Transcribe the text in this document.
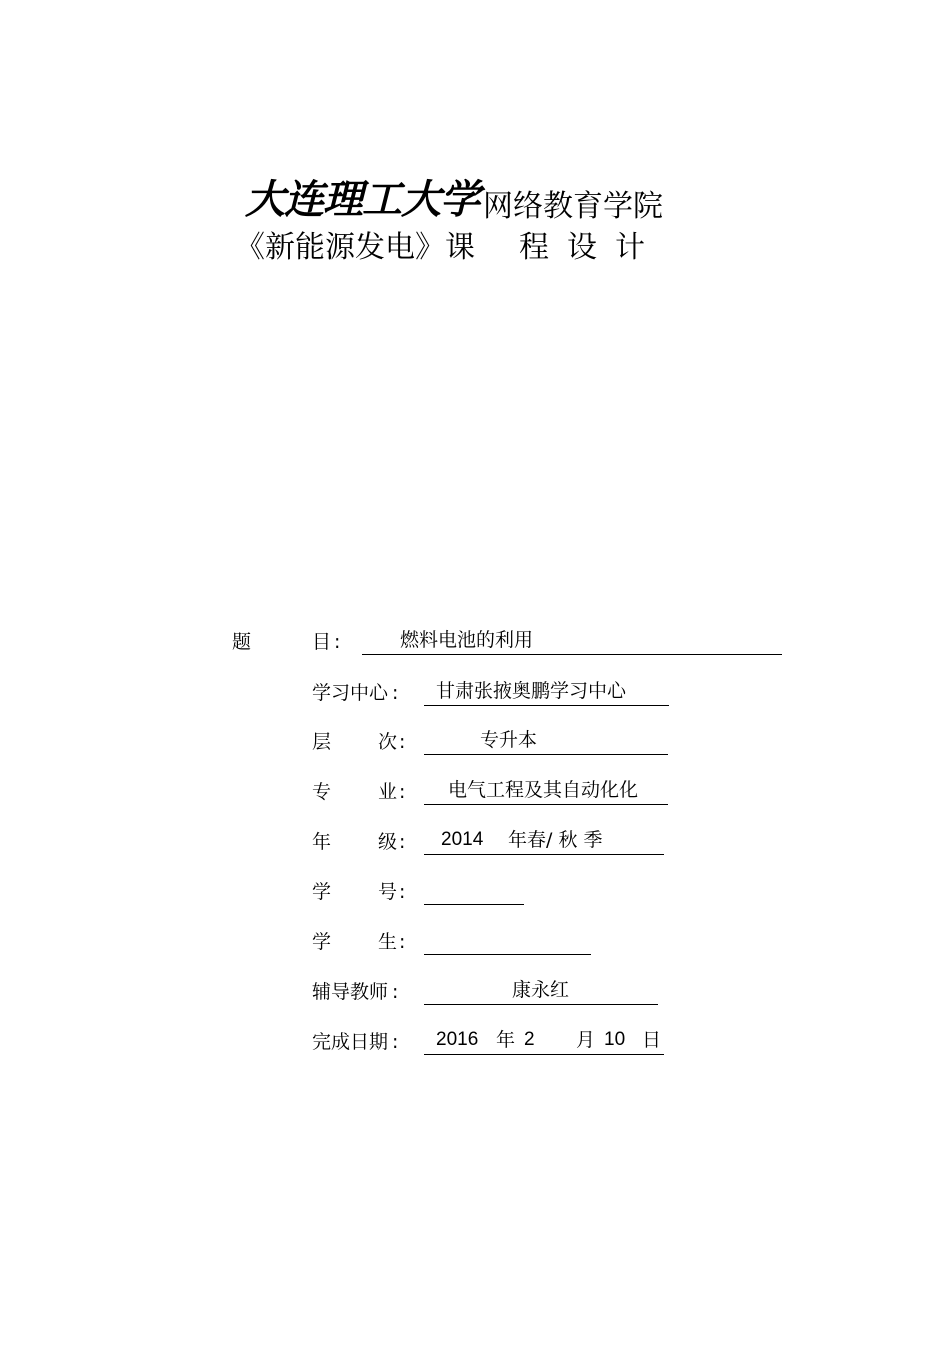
大连理工大学 网络教育学院
《新能源发电》课 程 设 计
题	目 :	燃料电池的利用
学习中心 : 甘肃张掖奥鹏学习中心
层 次 :	专升本
专 业 : 电气工程及其自动化化
年 级 : 2014 年春/ 秋 季
学 号 :
学 生 :
辅导教师 :	康永红
完成日期 : 2016 年 2 月 10 日
